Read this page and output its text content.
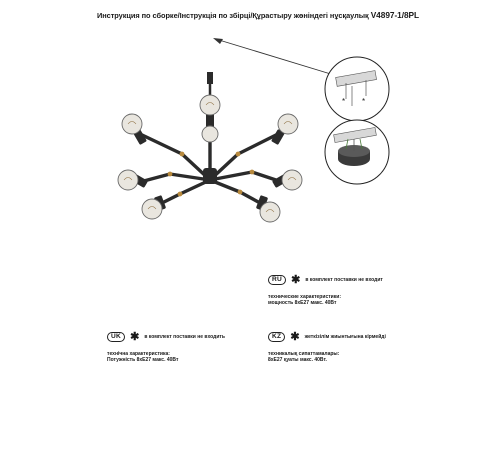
Инструкция по сборке/Інструкція по збірці/Құрастыру жөніндегі нұсқаулық V4897-1/8PL
* *
RU ✱ в комплект поставки не входит
технические характеристики:
мощность 8xE27 макс. 40Вт
UK ✱ в комплект поставки не входить
технічна характеристика:
Потужність 8xE27 макс. 40Вт
KZ ✱ жеткізілім жиынтығына кірмейді
техникалық сипаттамалары:
8xE27 қуаты макс. 40Вт.
